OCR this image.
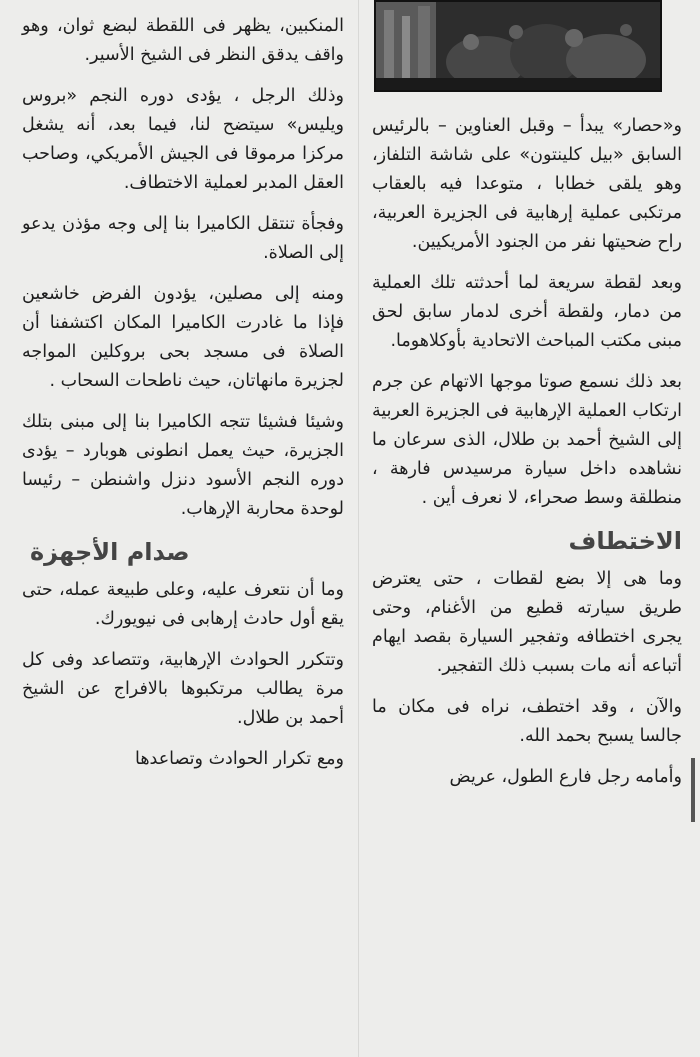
المنكبين، يظهر فى اللقطة لبضع ثوان، وهو واقف يدقق النظر فى الشيخ الأسير.

وذلك الرجل ، يؤدى دوره النجم «بروس ويليس» سيتضح لنا، فيما بعد، أنه يشغل مركزا مرموقا فى الجيش الأمريكي، وصاحب العقل المدبر لعملية الاختطاف.

وفجأة تنتقل الكاميرا بنا إلى وجه مؤذن يدعو إلى الصلاة.

ومنه إلى مصلين، يؤدون الفرض خاشعين فإذا ما غادرت الكاميرا المكان اكتشفنا أن الصلاة فى مسجد بحى بروكلين المواجه لجزيرة مانهاتان، حيث ناطحات السحاب .

وشيئا فشيئا تتجه الكاميرا بنا إلى مبنى بتلك الجزيرة، حيث يعمل انطونى هوبارد – يؤدى دوره النجم الأسود دنزل واشنطن – رئيسا لوحدة محاربة الإرهاب.

صدام الأجهزة

وما أن نتعرف عليه، وعلى طبيعة عمله، حتى يقع أول حادث إرهابى فى نيويورك.

وتتكرر الحوادث الإرهابية، وتتصاعد وفى كل مرة يطالب مرتكبوها بالافراج عن الشيخ أحمد بن طلال.

ومع تكرار الحوادث وتصاعدها

و«حصار» يبدأ – وقبل العناوين – بالرئيس السابق «بيل كلينتون» على شاشة التلفاز، وهو يلقى خطابا ، متوعدا فيه بالعقاب مرتكبى عملية إرهابية فى الجزيرة العربية، راح ضحيتها نفر من الجنود الأمريكيين.

وبعد لقطة سريعة لما أحدثته تلك العملية من دمار، ولقطة أخرى لدمار سابق لحق مبنى مكتب المباحث الاتحادية بأوكلاهوما.

بعد ذلك نسمع صوتا موجها الاتهام عن جرم ارتكاب العملية الإرهابية فى الجزيرة العربية إلى الشيخ أحمد بن طلال، الذى سرعان ما نشاهده داخل سيارة مرسيدس فارهة ، منطلقة وسط صحراء، لا نعرف أين .

الاختطاف

وما هى إلا بضع لقطات ، حتى يعترض طريق سيارته قطيع من الأغنام، وحتى يجرى اختطافه وتفجير السيارة بقصد ايهام أتباعه أنه مات بسبب ذلك التفجير.

والآن ، وقد اختطف، نراه فى مكان ما جالسا يسبح بحمد الله.

وأمامه رجل فارع الطول، عريض
